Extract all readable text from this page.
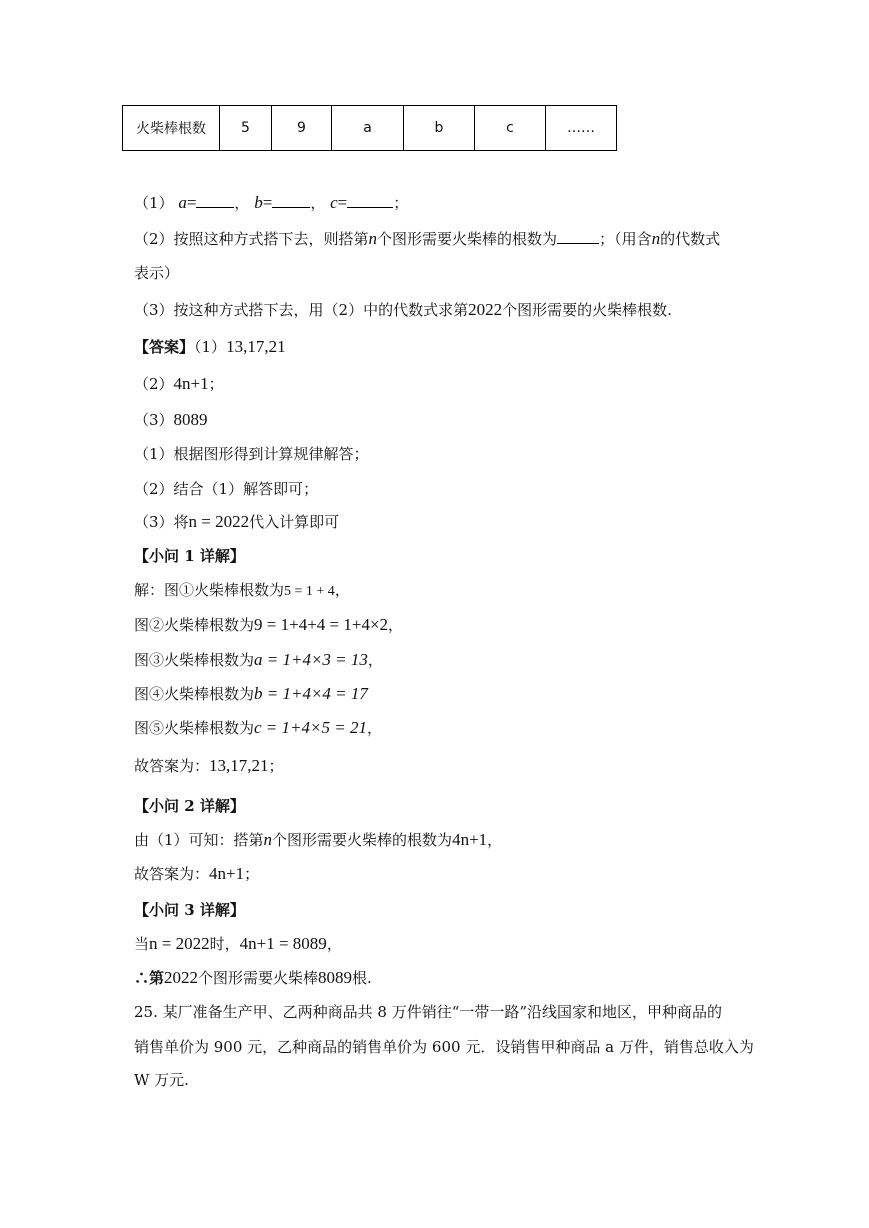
火柴棒根数	5	9	a	b	c	……
（1） a=	， b=	， c=	；
（2）按照这种方式搭下去，则搭第n个图形需要火柴棒的根数为	；（用含n的代数式
表示）
（3）按这种方式搭下去，用（2）中的代数式求第2022个图形需要的火柴棒根数.
【答案】（1）13,17,21
（2）4n+1；
（3）8089
（1）根据图形得到计算规律解答；
（2）结合（1）解答即可；
（3）将n = 2022代入计算即可
【小问 1 详解】
解：图①火柴棒根数为5 = 1 + 4，
图②火柴棒根数为9 = 1+4+4 = 1+4×2，
图③火柴棒根数为a = 1+4×3 = 13，
图④火柴棒根数为b = 1+4×4 = 17
图⑤火柴棒根数为c = 1+4×5 = 21，
故答案为：13,17,21；
【小问 2 详解】
由（1）可知：搭第n个图形需要火柴棒的根数为4n+1，
故答案为：4n+1；
【小问 3 详解】
当n = 2022时，4n+1 = 8089，
∴第2022个图形需要火柴棒8089根.
25. 某厂准备生产甲、乙两种商品共 8 万件销往“一带一路”沿线国家和地区，甲种商品的
销售单价为 900 元，乙种商品的销售单价为 600 元．设销售甲种商品 a 万件，销售总收入为
W 万元.
